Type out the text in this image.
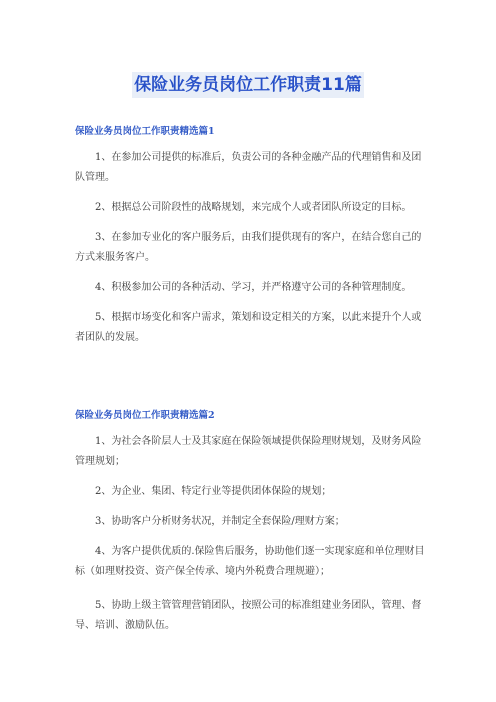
保险业务员岗位工作职责11篇
保险业务员岗位工作职责精选篇1
1、在参加公司提供的标准后，负责公司的各种金融产品的代理销售和及团队管理。
2、根据总公司阶段性的战略规划，来完成个人或者团队所设定的目标。
3、在参加专业化的客户服务后，由我们提供现有的客户，在结合您自己的方式来服务客户。
4、积极参加公司的各种活动、学习，并严格遵守公司的各种管理制度。
5、根据市场变化和客户需求，策划和设定相关的方案，以此来提升个人或者团队的发展。
保险业务员岗位工作职责精选篇2
1、为社会各阶层人士及其家庭在保险领域提供保险理财规划，及财务风险管理规划；
2、为企业、集团、特定行业等提供团体保险的规划；
3、协助客户分析财务状况，并制定全套保险/理财方案；
4、为客户提供优质的.保险售后服务，协助他们逐一实现家庭和单位理财目标（如理财投资、资产保全传承、境内外税费合理规避）；
5、协助上级主管管理营销团队，按照公司的标准组建业务团队，管理、督导、培训、激励队伍。
